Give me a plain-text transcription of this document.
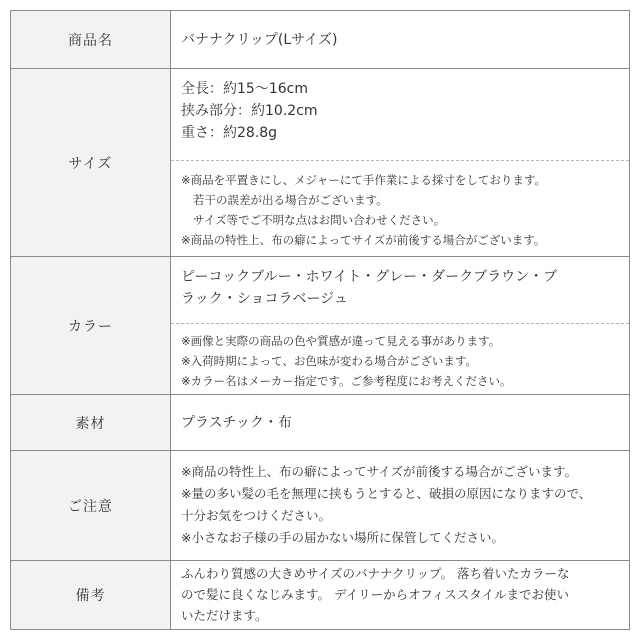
商品名	バナナクリップ(Lサイズ)
サイズ
全長：約15〜16cm
挟み部分：約10.2cm
重さ：約28.8g
※商品を平置きにし、メジャーにて手作業による採寸をしております。
若干の誤差が出る場合がございます。
サイズ等でご不明な点はお問い合わせください。
※商品の特性上、布の癖によってサイズが前後する場合がございます。
カラー
ピーコックブルー・ホワイト・グレー・ダークブラウン・ブ
ラック・ショコラベージュ
※画像と実際の商品の色や質感が違って見える事があります。
※入荷時期によって、お色味が変わる場合がございます。
※カラー名はメーカー指定です。ご参考程度にお考えください。
素材	プラスチック・布
ご注意
※商品の特性上、布の癖によってサイズが前後する場合がございます。
※量の多い髪の毛を無理に挟もうとすると、破損の原因になりますので、
十分お気をつけください。
※小さなお子様の手の届かない場所に保管してください。
備考
ふんわり質感の大きめサイズのバナナクリップ。 落ち着いたカラーな
ので髪に良くなじみます。 デイリーからオフィススタイルまでお使い
いただけます。
